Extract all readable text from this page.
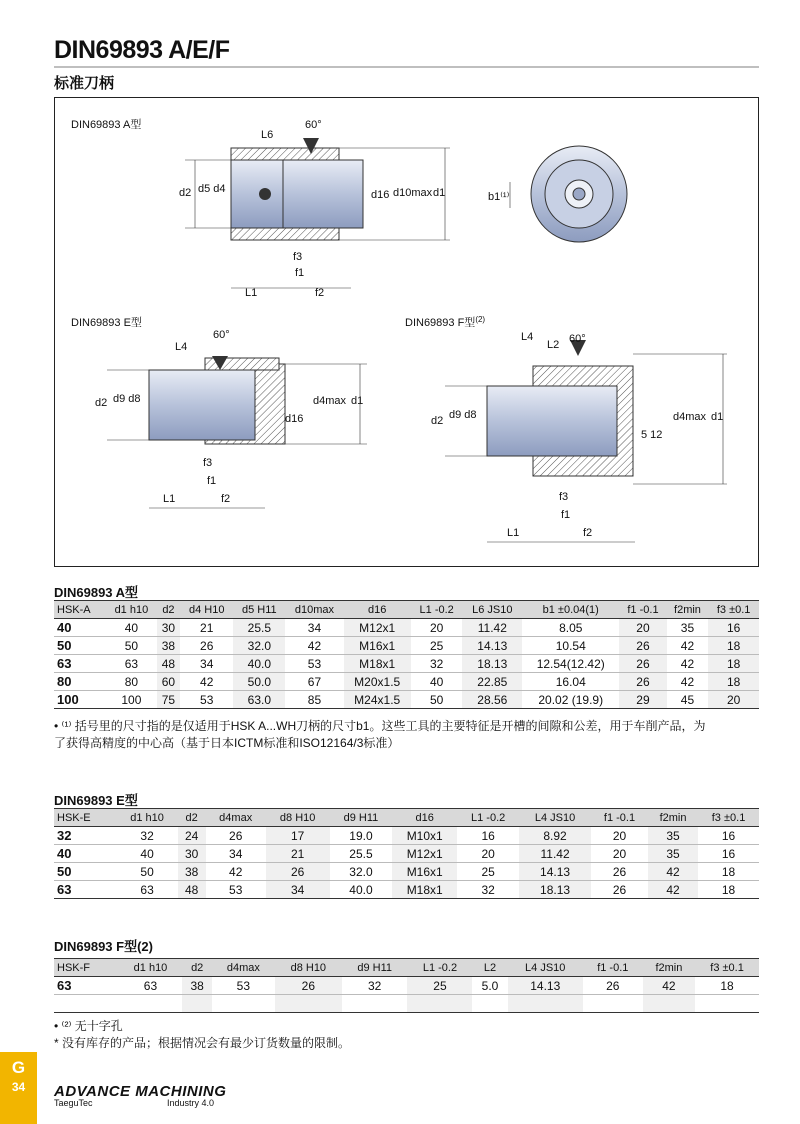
DIN69893 A/E/F
标准刀柄
DIN69893 A型
d2 d5 d4
L6
60°
d16 d10max d1
L1	f2
f1
f3
b1⁽¹⁾
DIN69893 E型
d2 d9 d8
L4
60°
d16
d4max d1
L1	f2
f1
f3
DIN69893 F型$^{(2)}$
d2 d9 d8
L4
L2 60°
5 12
d4max d1
L1	f2
f1
f3
DIN69893 A型
HSK-A	d1 h10	d2	d4 H10	d5 H11	d10max	d16	L1 -0.2	L6 JS10	b1 ±0.04(1)	f1 -0.1	f2min	f3 ±0.1
40	40	30	21	25.5	34	M12x1	20	11.42	8.05	20	35	16
50	50	38	26	32.0	42	M16x1	25	14.13	10.54	26	42	18
63	63	48	34	40.0	53	M18x1	32	18.13	12.54(12.42)	26	42	18
80	80	60	42	50.0	67	M20x1.5	40	22.85	16.04	26	42	18
100	100	75	53	63.0	85	M24x1.5	50	28.56	20.02 (19.9)	29	45	20
• ⁽¹⁾ 括号里的尺寸指的是仅适用于HSK A...WH刀柄的尺寸b1。这些工具的主要特征是开槽的间隙和公差，用于车削产品，为
了获得高精度的中心高（基于日本ICTM标准和ISO12164/3标准）
DIN69893 E型
HSK-E	d1 h10	d2	d4max	d8 H10	d9 H11	d16	L1 -0.2	L4 JS10	f1 -0.1	f2min	f3 ±0.1
32	32	24	26	17	19.0	M10x1	16	8.92	20	35	16
40	40	30	34	21	25.5	M12x1	20	11.42	20	35	16
50	50	38	42	26	32.0	M16x1	25	14.13	26	42	18
63	63	48	53	34	40.0	M18x1	32	18.13	26	42	18
DIN69893 F型(2)
HSK-F	d1 h10	d2	d4max	d8 H10	d9 H11	L1 -0.2	L2	L4 JS10	f1 -0.1	f2min	f3 ±0.1
63	63	38	53	26	32	25	5.0	14.13	26	42	18

• ⁽²⁾ 无十字孔
* 没有库存的产品；根据情况会有最少订货数量的限制。
G
34	ADVANCE MACHINING
TaeguTec	Industry 4.0
